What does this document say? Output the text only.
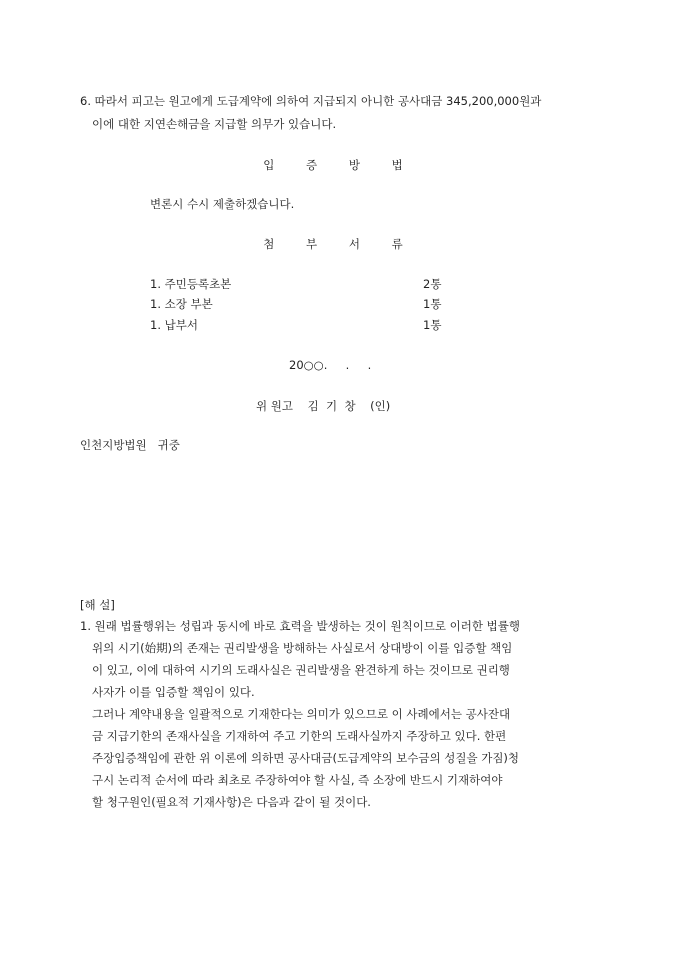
6. 따라서 피고는 원고에게 도급계약에 의하여 지급되지 아니한 공사대금 345,200,000원과
이에 대한 지연손해금을 지급할 의무가 있습니다.
입 증 방 법
변론시 수시 제출하겠습니다.
첨 부 서 류
1. 주민등록초본	2통
1. 소장 부본	1통
1. 납부서	1통
20○○.     .     .
위 원고    김  기  창    (인)
인천지방법원   귀중
[해 설]
1. 원래 법률행위는 성립과 동시에 바로 효력을 발생하는 것이 원칙이므로 이러한 법률행
위의 시기(始期)의 존재는 권리발생을 방해하는 사실로서 상대방이 이를 입증할 책임
이 있고, 이에 대하여 시기의 도래사실은 권리발생을 완견하게 하는 것이므로 권리행
사자가 이를 입증할 책임이 있다.
그러나 계약내용을 일괄적으로 기재한다는 의미가 있으므로 이 사례에서는 공사잔대
금 지급기한의 존재사실을 기재하여 주고 기한의 도래사실까지 주장하고 있다. 한편
주장입증책임에 관한 위 이론에 의하면 공사대금(도급계약의 보수금의 성질을 가짐)청
구시 논리적 순서에 따라 최초로 주장하여야 할 사실, 즉 소장에 반드시 기재하여야
할 청구원인(필요적 기재사항)은 다음과 같이 될 것이다.
